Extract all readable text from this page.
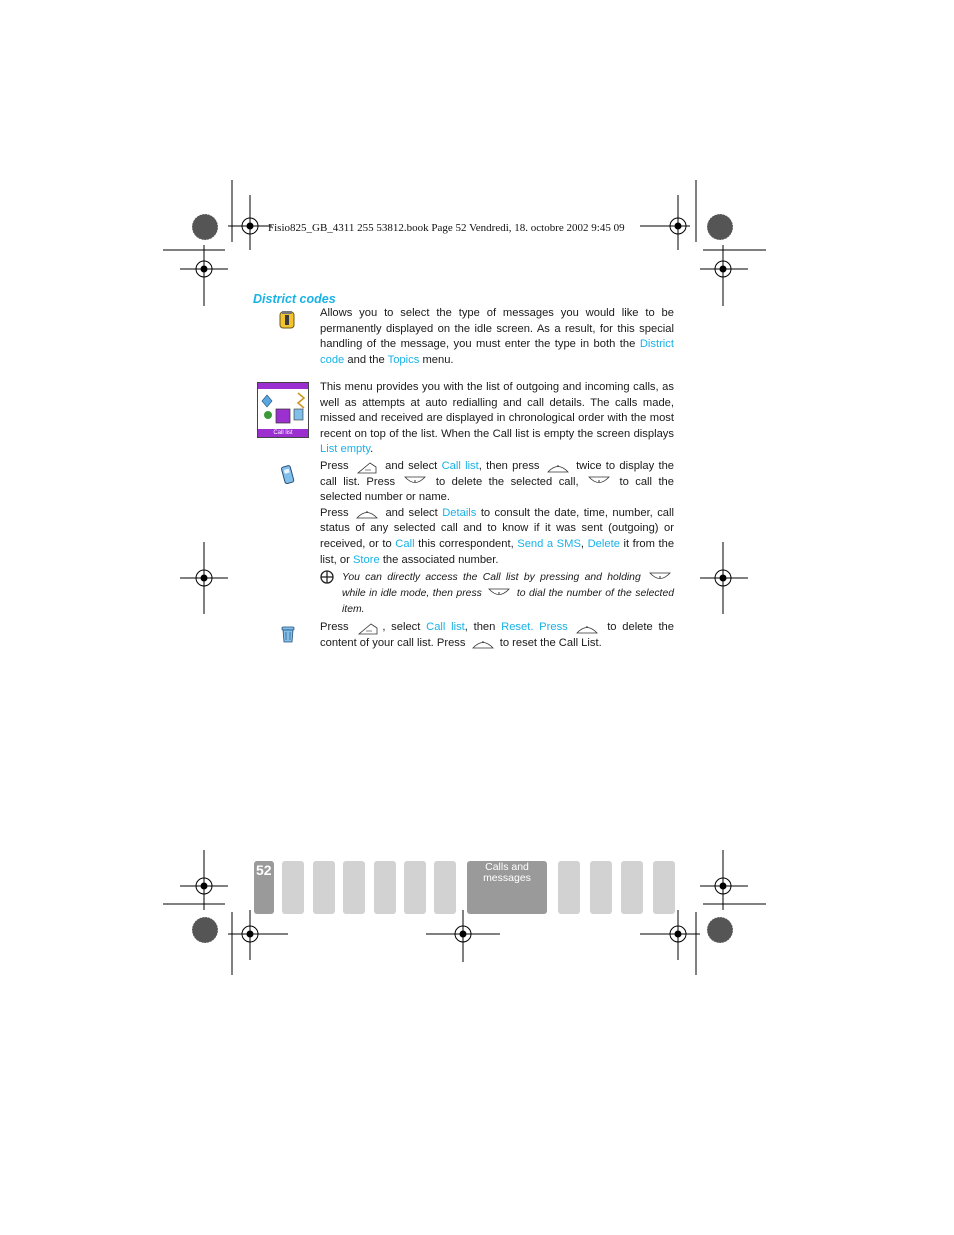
Fisio825_GB_4311 255 53812.book Page 52 Vendredi, 18. octobre 2002 9:45 09
District codes
Allows you to select the type of messages you would like to be permanently displayed on the idle screen. As a result, for this special handling of the message, you must enter the type in both the District code and the Topics menu.
Call list
This menu provides you with the list of outgoing and incoming calls, as well as attempts at auto redialling and call details. The calls made, missed and received are displayed in chronological order with the most recent on top of the list. When the Call list is empty the screen displays List empty.
Press	and select Call list, then press	twice to display the call list. Press	to delete the selected call,	to call the selected number or name.
Press	and select Details to consult the date, time, number, call status of any selected call and to know if it was sent (outgoing) or received, or to Call this correspondent, Send a SMS, Delete it from the list, or Store the associated number.
You can directly access the Call list by pressing and holding
while in idle mode, then press	to dial the number of the selected item.
Press	, select Call list, then Reset. Press	to delete the content of your call list. Press	to reset the Call List.
52	Calls and
messages
